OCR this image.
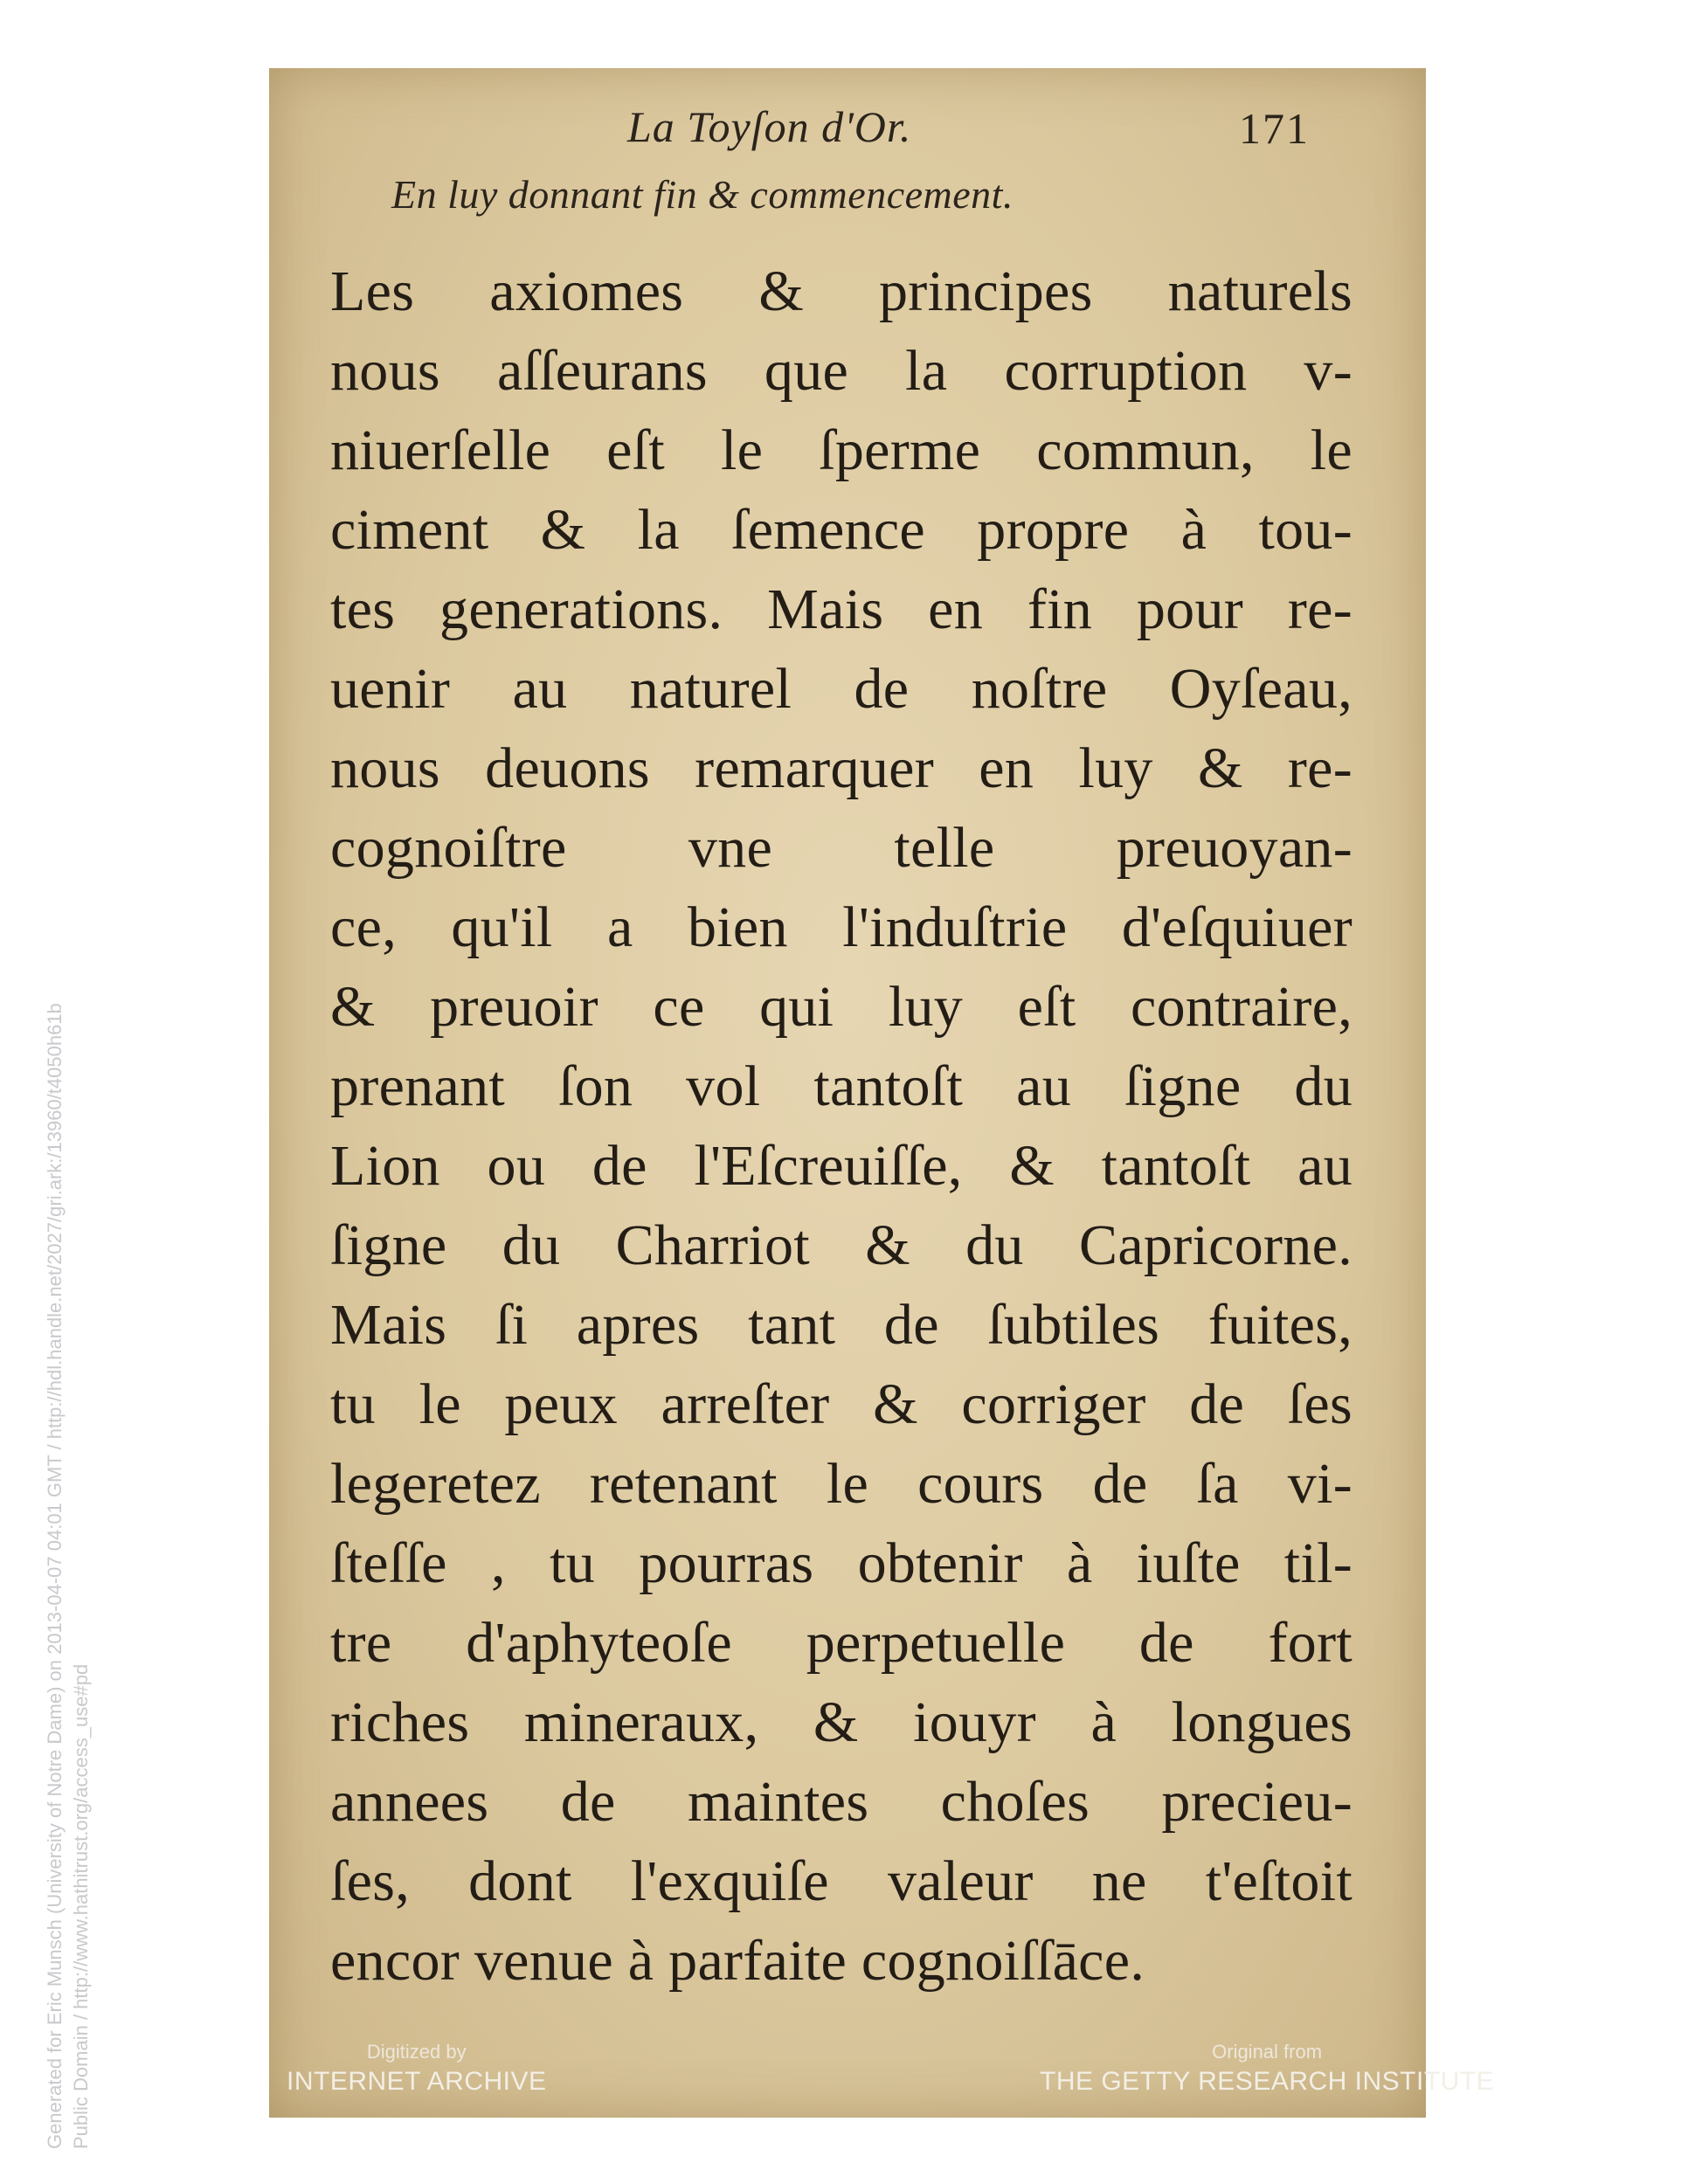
La Toyſon d'Or.	171
En luy donnant fin & commencement.
Les axiomes & principes naturels
nous aſſeurans que la corruption v-
niuerſelle eſt le ſperme commun, le
ciment & la ſemence propre à tou-
tes generations. Mais en fin pour re-
uenir au naturel de noſtre Oyſeau,
nous deuons remarquer en luy & re-
cognoiſtre vne telle preuoyan-
ce, qu'il a bien l'induſtrie d'eſquiuer
& preuoir ce qui luy eſt contraire,
prenant ſon vol tantoſt au ſigne du
Lion ou de l'Eſcreuiſſe, & tantoſt au
ſigne du Charriot & du Capricorne.
Mais ſi apres tant de ſubtiles fuites,
tu le peux arreſter & corriger de ſes
legeretez retenant le cours de ſa vi-
ſteſſe , tu pourras obtenir à iuſte til-
tre d'aphyteoſe perpetuelle de fort
riches mineraux, & iouyr à longues
annees de maintes choſes precieu-
ſes, dont l'exquiſe valeur ne t'eſtoit
encor venue à parfaite cognoiſſāce.
Digitized by
INTERNET ARCHIVE
Original from
THE GETTY RESEARCH INSTITUTE
Generated for Eric Munsch (University of Notre Dame) on 2013-04-07 04:01 GMT / http://hdl.handle.net/2027/gri.ark:/13960/t4050h61b Public Domain / http://www.hathitrust.org/access_use#pd
